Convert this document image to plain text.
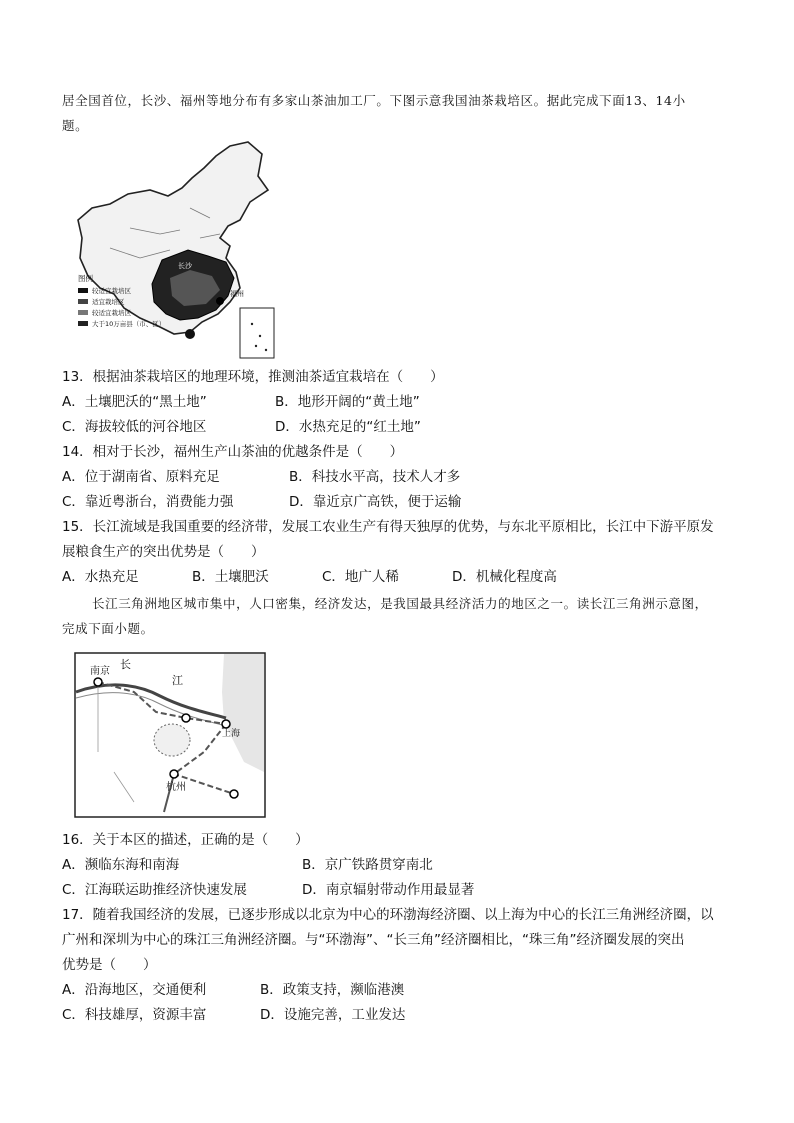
居全国首位，长沙、福州等地分布有多家山茶油加工厂。下图示意我国油茶栽培区。据此完成下面13、14小
题。
长沙
福州
图例
较适宜栽培区
适宜栽培区
较适宜栽培区
大于10万亩县（市、区）
13．根据油茶栽培区的地理环境，推测油茶适宜栽培在（　　）
A．土壤肥沃的“黑土地”	B．地形开阔的“黄土地”
C．海拔较低的河谷地区	D．水热充足的“红土地”
14．相对于长沙，福州生产山茶油的优越条件是（　　）
A．位于湖南省、原料充足	B．科技水平高，技术人才多
C．靠近粤浙台，消费能力强	D．靠近京广高铁，便于运输
15．长江流域是我国重要的经济带，发展工农业生产有得天独厚的优势，与东北平原相比，长江中下游平原发
展粮食生产的突出优势是（　　）
A．水热充足	B．土壤肥沃	C．地广人稀	D．机械化程度高
长江三角洲地区城市集中，人口密集，经济发达，是我国最具经济活力的地区之一。读长江三角洲示意图，
完成下面小题。
长
江
南京
上海
杭州
16．关于本区的描述，正确的是（　　）
A．濒临东海和南海	B．京广铁路贯穿南北
C．江海联运助推经济快速发展	D．南京辐射带动作用最显著
17．随着我国经济的发展，已逐步形成以北京为中心的环渤海经济圈、以上海为中心的长江三角洲经济圈，以
广州和深圳为中心的珠江三角洲经济圈。与“环渤海”、“长三角”经济圈相比，“珠三角”经济圈发展的突出
优势是（　　）
A．沿海地区，交通便利	B．政策支持，濒临港澳
C．科技雄厚，资源丰富	D．设施完善，工业发达
